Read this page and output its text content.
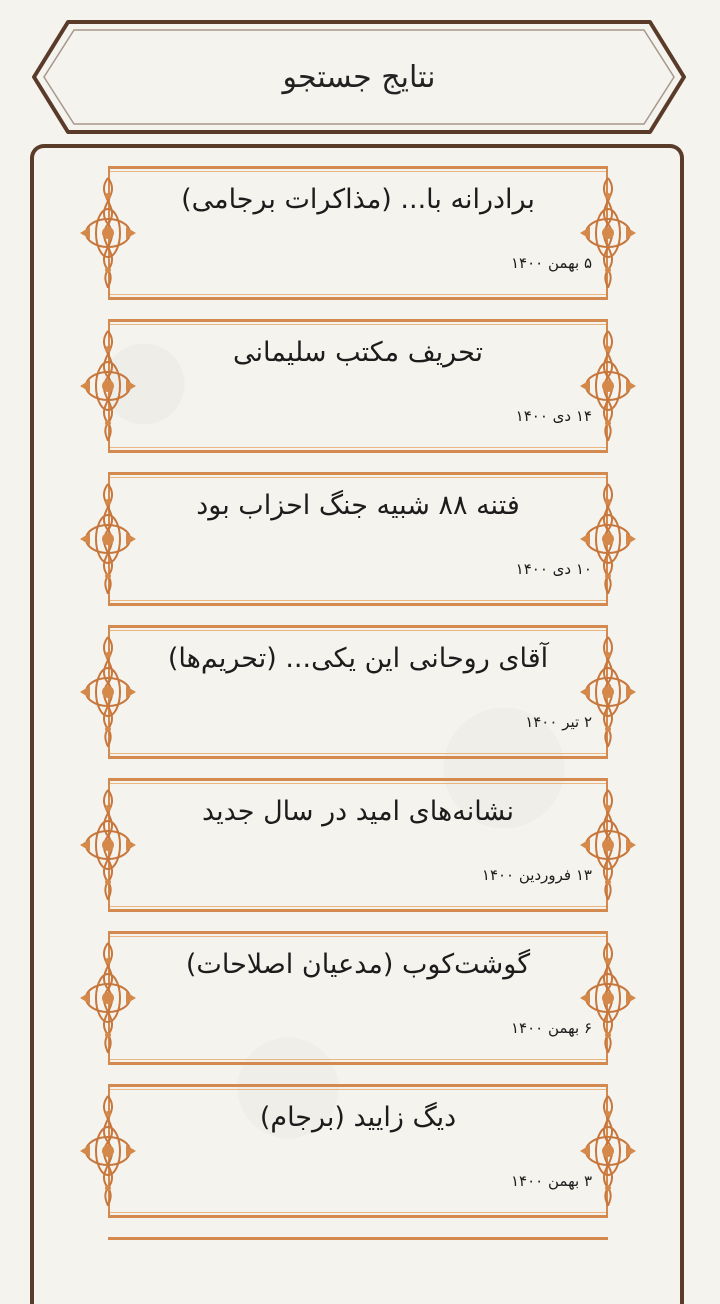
نتایج جستجو
برادرانه با... (مذاکرات برجامی)
۵ بهمن ۱۴۰۰
تحریف مکتب سلیمانی
۱۴ دی ۱۴۰۰
فتنه ۸۸ شبیه جنگ احزاب بود
۱۰ دی ۱۴۰۰
آقای روحانی این یکی... (تحریم‌ها)
۲ تیر ۱۴۰۰
نشانه‌های امید در سال جدید
۱۳ فروردین ۱۴۰۰
گوشت‌کوب (مدعیان اصلاحات)
۶ بهمن ۱۴۰۰
دیگ زایید (برجام)
۳ بهمن ۱۴۰۰
